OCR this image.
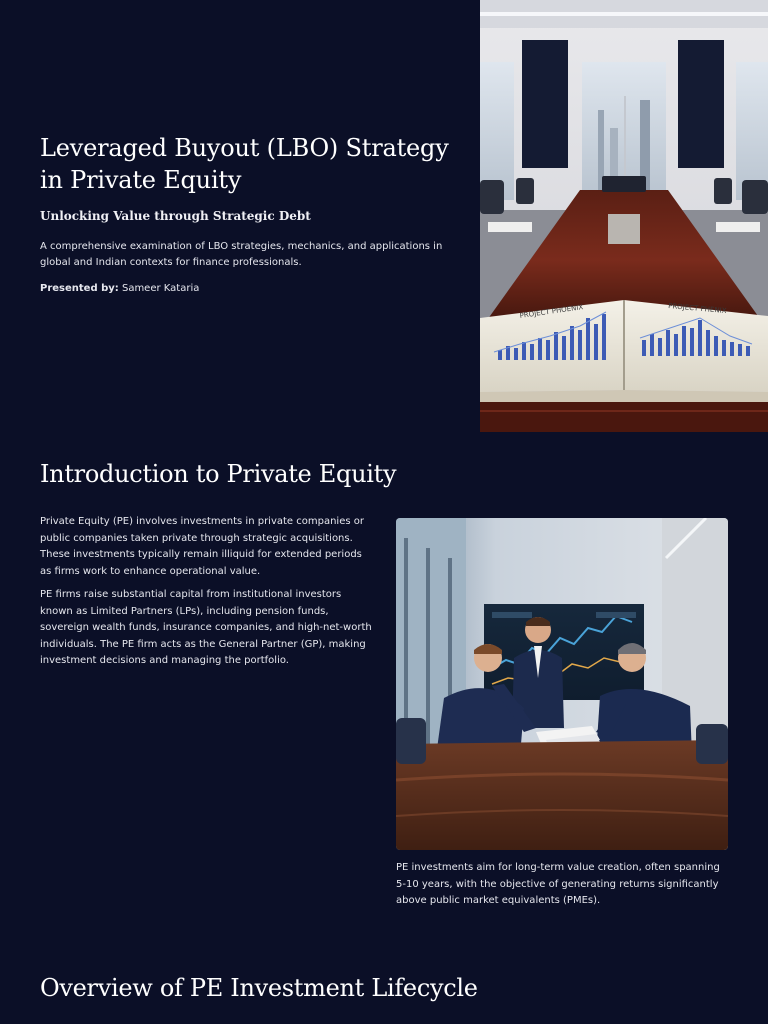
Leveraged Buyout (LBO) Strategy in Private Equity

Unlocking Value through Strategic Debt

A comprehensive examination of LBO strategies, mechanics, and applications in global and Indian contexts for finance professionals.

Presented by: Sameer Kataria

PROJECT PHOENIX	PROJECT PHENIX
Introduction to Private Equity

Private Equity (PE) involves investments in private companies or public companies taken private through strategic acquisitions. These investments typically remain illiquid for extended periods as firms work to enhance operational value.

PE firms raise substantial capital from institutional investors known as Limited Partners (LPs), including pension funds, sovereign wealth funds, insurance companies, and high-net-worth individuals. The PE firm acts as the General Partner (GP), making investment decisions and managing the portfolio.

PE investments aim for long-term value creation, often spanning 5-10 years, with the objective of generating returns significantly above public market equivalents (PMEs).

Overview of PE Investment Lifecycle
